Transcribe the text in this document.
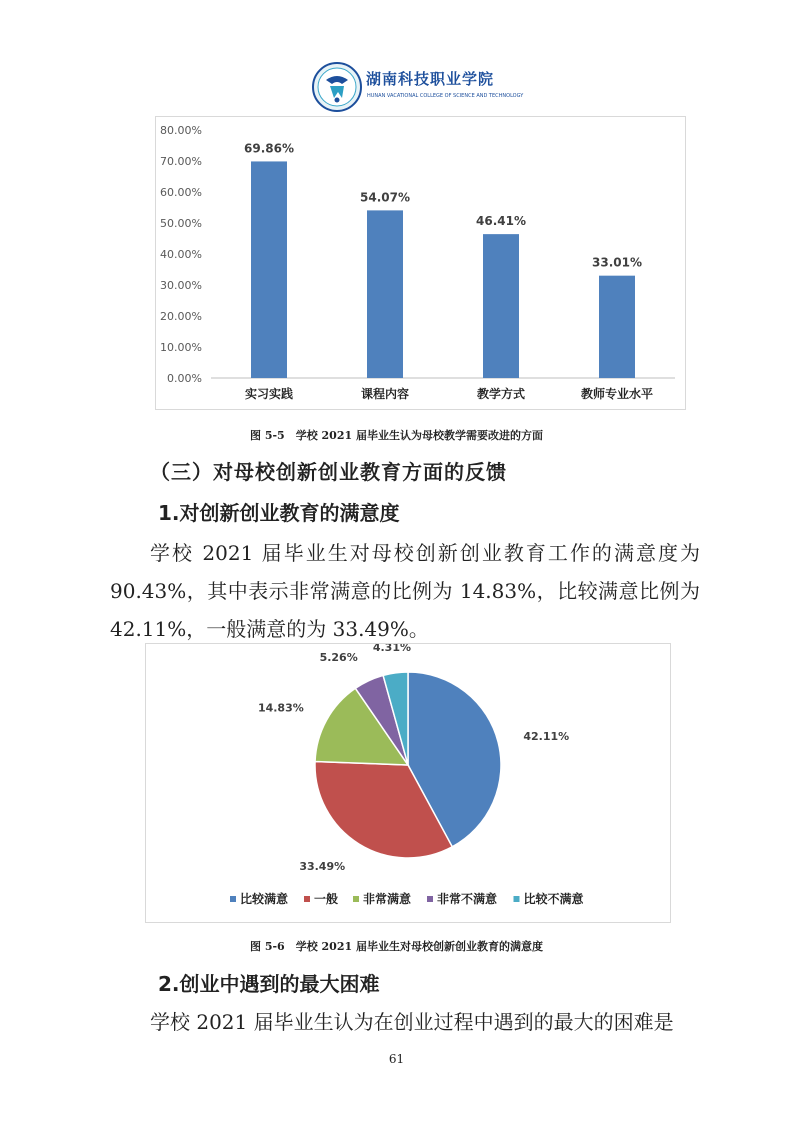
湖南科技职业学院
HUNAN VACATIONAL COLLEGE OF SCIENCE AND TECHNOLOGY
0.00%
10.00%
20.00%
30.00%
40.00%
50.00%
60.00%
70.00%
80.00%
69.86%
实习实践
54.07%
课程内容
46.41%
教学方式
33.01%
教师专业水平
图 5-5　学校 2021 届毕业生认为母校教学需要改进的方面
（三）对母校创新创业教育方面的反馈
1.对创新创业教育的满意度
学校 2021 届毕业生对母校创新创业教育工作的满意度为
90.43%，其中表示非常满意的比例为 14.83%，比较满意比例为
42.11%，一般满意的为 33.49%。
42.11%
33.49%
14.83%
5.26%
4.31%
比较满意 一般 非常满意 非常不满意 比较不满意
图 5-6　学校 2021 届毕业生对母校创新创业教育的满意度
2.创业中遇到的最大困难
学校 2021 届毕业生认为在创业过程中遇到的最大的困难是
61
